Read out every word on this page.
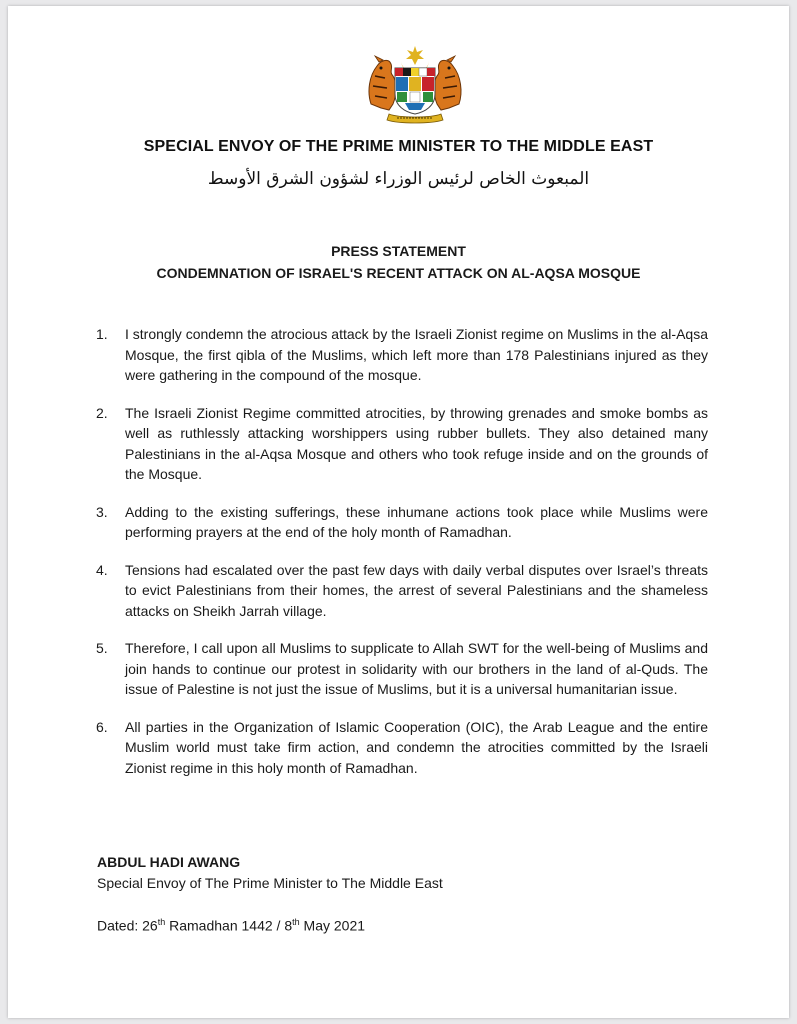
SPECIAL ENVOY OF THE PRIME MINISTER TO THE MIDDLE EAST
المبعوث الخاص لرئيس الوزراء لشؤون الشرق الأوسط
PRESS STATEMENT
CONDEMNATION OF ISRAEL'S RECENT ATTACK ON AL-AQSA MOSQUE
1. I strongly condemn the atrocious attack by the Israeli Zionist regime on Muslims in the al-Aqsa Mosque, the first qibla of the Muslims, which left more than 178 Palestinians injured as they were gathering in the compound of the mosque.
2. The Israeli Zionist Regime committed atrocities, by throwing grenades and smoke bombs as well as ruthlessly attacking worshippers using rubber bullets. They also detained many Palestinians in the al-Aqsa Mosque and others who took refuge inside and on the grounds of the Mosque.
3. Adding to the existing sufferings, these inhumane actions took place while Muslims were performing prayers at the end of the holy month of Ramadhan.
4. Tensions had escalated over the past few days with daily verbal disputes over Israel’s threats to evict Palestinians from their homes, the arrest of several Palestinians and the shameless attacks on Sheikh Jarrah village.
5. Therefore, I call upon all Muslims to supplicate to Allah SWT for the well-being of Muslims and join hands to continue our protest in solidarity with our brothers in the land of al-Quds. The issue of Palestine is not just the issue of Muslims, but it is a universal humanitarian issue.
6. All parties in the Organization of Islamic Cooperation (OIC), the Arab League and the entire Muslim world must take firm action, and condemn the atrocities committed by the Israeli Zionist regime in this holy month of Ramadhan.
ABDUL HADI AWANG
Special Envoy of The Prime Minister to The Middle East
Dated: 26th Ramadhan 1442 / 8th May 2021
